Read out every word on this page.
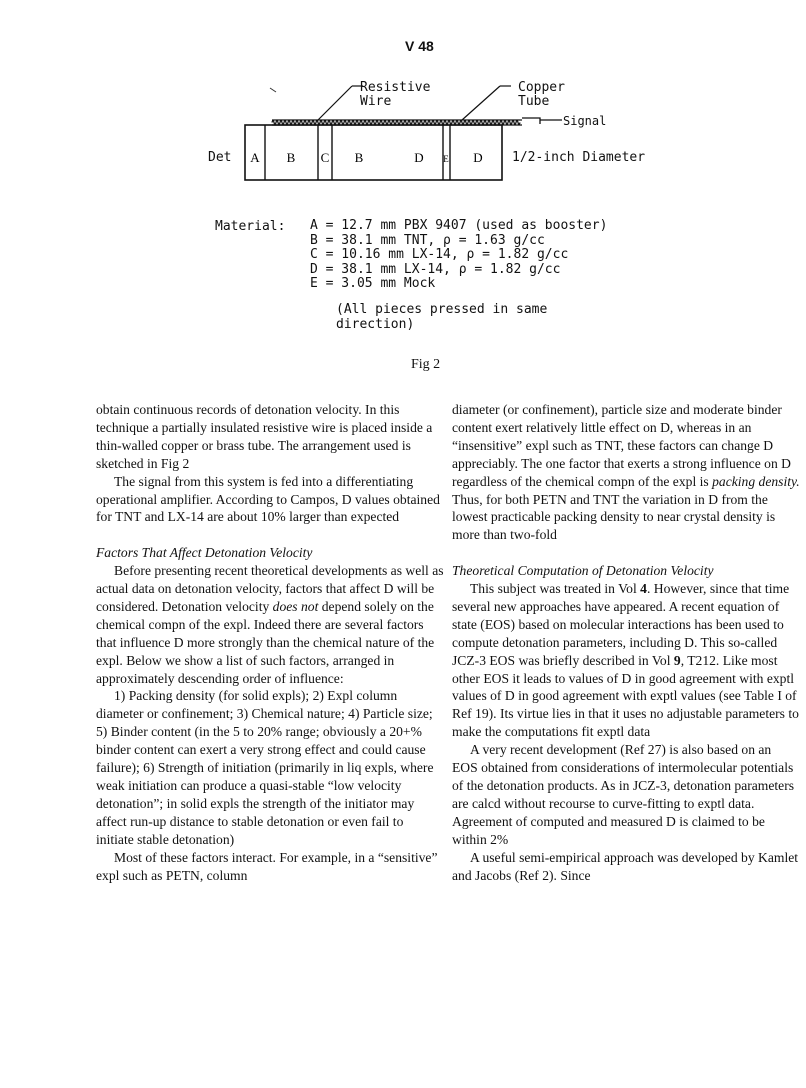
V 48
A B C B	D E D
Resistive
Wire
Copper
Tube
Signal
Det	1/2-inch Diameter
Material: A = 12.7 mm PBX 9407 (used as booster)
B = 38.1 mm TNT, ρ = 1.63 g/cc
C = 10.16 mm LX-14, ρ = 1.82 g/cc
D = 38.1 mm LX-14, ρ = 1.82 g/cc
E = 3.05 mm Mock
(All pieces pressed in same direction)
Fig 2

obtain continuous records of detonation velocity. In this technique a partially insulated resistive wire is placed inside a thin-walled copper or brass tube. The arrangement used is sketched in Fig 2

The signal from this system is fed into a differentiating operational amplifier. According to Campos, D values obtained for TNT and LX-14 are about 10% larger than expected

Factors That Affect Detonation Velocity

Before presenting recent theoretical developments as well as actual data on detonation velocity, factors that affect D will be considered. Detonation velocity does not depend solely on the chemical compn of the expl. Indeed there are several factors that influence D more strongly than the chemical nature of the expl. Below we show a list of such factors, arranged in approximately descending order of influence:

1) Packing density (for solid expls); 2) Expl column diameter or confinement; 3) Chemical nature; 4) Particle size; 5) Binder content (in the 5 to 20% range; obviously a 20+% binder content can exert a very strong effect and could cause failure); 6) Strength of initiation (primarily in liq expls, where weak initiation can produce a quasi-stable “low velocity detonation”; in solid expls the strength of the initiator may affect run-up distance to stable detonation or even fail to initiate stable detonation)

Most of these factors interact. For example, in a “sensitive” expl such as PETN, column

diameter (or confinement), particle size and moderate binder content exert relatively little effect on D, whereas in an “insensitive” expl such as TNT, these factors can change D appreciably. The one factor that exerts a strong influence on D regardless of the chemical compn of the expl is packing density. Thus, for both PETN and TNT the variation in D from the lowest practicable packing density to near crystal density is more than two-fold

Theoretical Computation of Detonation Velocity

This subject was treated in Vol 4. However, since that time several new approaches have appeared. A recent equation of state (EOS) based on molecular interactions has been used to compute detonation parameters, including D. This so-called JCZ-3 EOS was briefly described in Vol 9, T212. Like most other EOS it leads to values of D in good agreement with exptl values of D in good agreement with exptl values (see Table I of Ref 19). Its virtue lies in that it uses no adjustable parameters to make the computations fit exptl data

A very recent development (Ref 27) is also based on an EOS obtained from considerations of intermolecular potentials of the detonation products. As in JCZ-3, detonation parameters are calcd without recourse to curve-fitting to exptl data. Agreement of computed and measured D is claimed to be within 2%

A useful semi-empirical approach was developed by Kamlet and Jacobs (Ref 2). Since
